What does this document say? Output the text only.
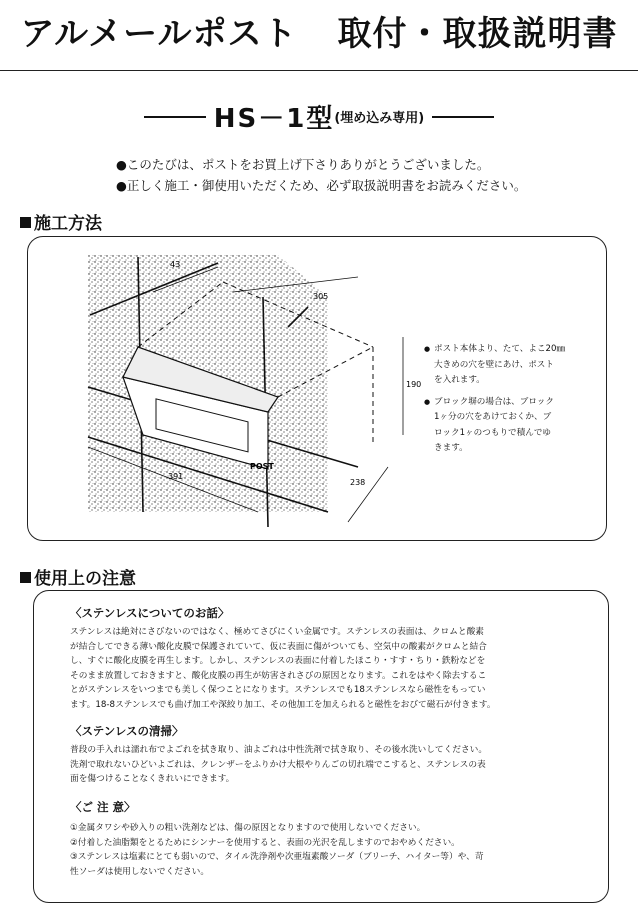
アルメールポスト 取付・取扱説明書
HS－1型(埋め込み専用)
●このたびは、ポストをお買上げ下さりありがとうございました。
●正しく施工・御使用いただくため、必ず取扱説明書をお読みください。
施工方法
43
305
190
391
238
POST
● ポスト本体より、たて、よこ20㎜
大きめの穴を壁にあけ、ポスト
を入れます。
● ブロック塀の場合は、ブロック
1ヶ分の穴をあけておくか、ブ
ロック1ヶのつもりで積んでゆ
きます。
使用上の注意
〈ステンレスについてのお話〉
ステンレスは絶対にさびないのではなく、極めてさびにくい金属です。ステンレスの表面は、クロムと酸素
が結合してできる薄い酸化皮膜で保護されていて、仮に表面に傷がついても、空気中の酸素がクロムと結合
し、すぐに酸化皮膜を再生します。しかし、ステンレスの表面に付着したほこり・すす・ちり・鉄粉などを
そのまま放置しておきますと、酸化皮膜の再生が妨害されさびの原因となります。これをはやく除去するこ
とがステンレスをいつまでも美しく保つことになります。ステンレスでも18ステンレスなら磁性をもってい
ます。18-8ステンレスでも曲げ加工や深絞り加工、その他加工を加えられると磁性をおびて磁石が付きます。
〈ステンレスの清掃〉
普段の手入れは濡れ布でよごれを拭き取り、油よごれは中性洗剤で拭き取り、その後水洗いしてください。
洗剤で取れないひどいよごれは、クレンザーをふりかけ大根やりんごの切れ端でこすると、ステンレスの表
面を傷つけることなくきれいにできます。
〈ご 注 意〉
①金属タワシや砂入りの粗い洗剤などは、傷の原因となりますので使用しないでください。
②付着した油脂類をとるためにシンナーを使用すると、表面の光沢を乱しますのでおやめください。
③ステンレスは塩素にとても弱いので、タイル洗浄剤や次亜塩素酸ソーダ（ブリーチ、ハイター等）や、苛
性ソーダは使用しないでください。
